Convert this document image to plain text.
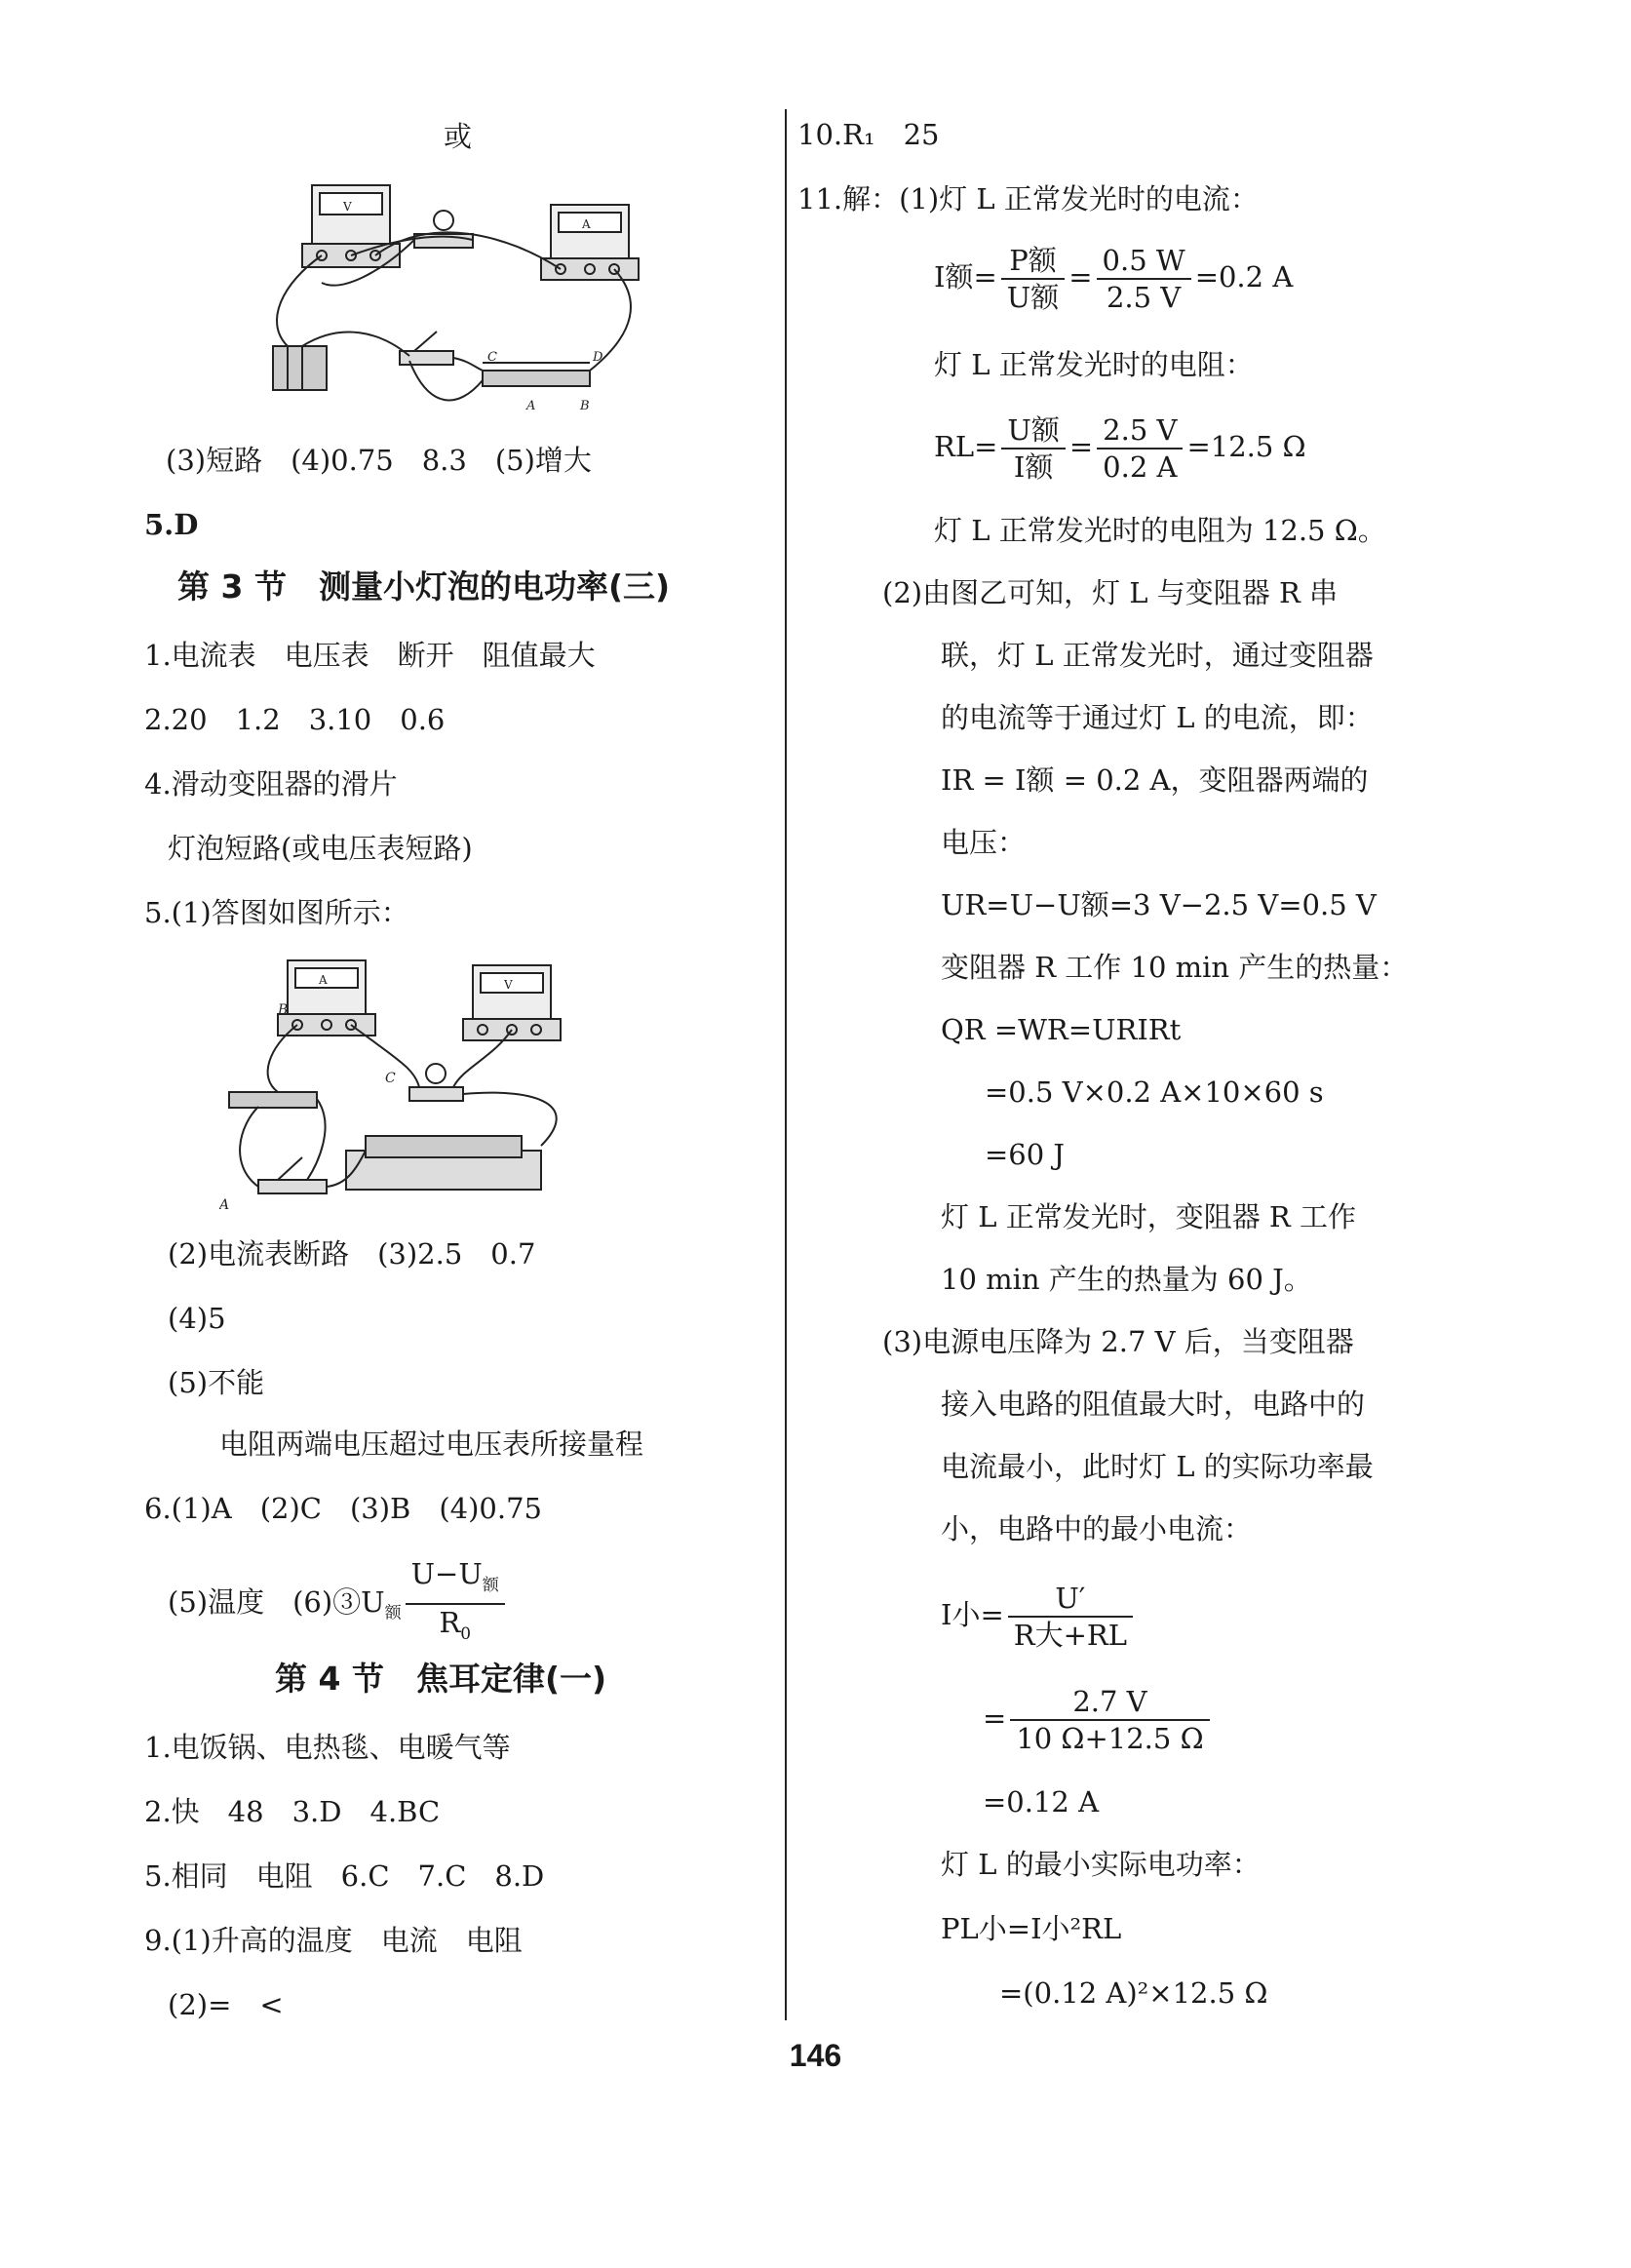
或
V
A
A	B
C	D
(3)短路　(4)0.75　8.3　(5)增大
5.D
第 3 节　测量小灯泡的电功率(三)
1.电流表　电压表　断开　阻值最大
2.20　1.2　3.10　0.6
4.滑动变阻器的滑片
灯泡短路(或电压表短路)
5.(1)答图如图所示：
A	V
A
B
C
(2)电流表断路　(3)2.5　0.7
(4)5
(5)不能
电阻两端电压超过电压表所接量程
6.(1)A　(2)C　(3)B　(4)0.75
(5)温度　$(6)③U_额 \frac{U-U_额}{R_0}$
第 4 节　焦耳定律(一)
1.电饭锅、电热毯、电暖气等
2.快　48　3.D　4.BC
5.相同　电阻　6.C　7.C　8.D
9.(1)升高的温度　电流　电阻
(2)=　<
10.R₁　25
11.解：(1)灯 L 正常发光时的电流：
I额= $\frac{\text{P额}}{\text{U额}} = \frac{0.5 W}{2.5 V} =0.2$ A
灯 L 正常发光时的电阻：
$RL= \frac{\text{U额}}{\text{I额}} = \frac{2.5 V}{0.2 A} =12.5$ Ω
灯 L 正常发光时的电阻为 12.5 Ω。
(2)由图乙可知，灯 L 与变阻器 R 串
联，灯 L 正常发光时，通过变阻器
的电流等于通过灯 L 的电流，即：
IR = I额 = 0.2 A，变阻器两端的
电压：
UR=U−U额=3 V−2.5 V=0.5 V
变阻器 R 工作 10 min 产生的热量：
QR =WR=URIRt
=0.5 V×0.2 A×10×60 s
=60 J
灯 L 正常发光时，变阻器 R 工作
10 min 产生的热量为 60 J。
(3)电源电压降为 2.7 V 后，当变阻器
接入电路的阻值最大时，电路中的
电流最小，此时灯 L 的实际功率最
小，电路中的最小电流：
I小= $\frac{U'}{\text{R大+RL}}$
= $\frac{2.7 V}{10 \Omega+12.5 \Omega}$
=0.12 A
灯 L 的最小实际电功率：
PL小=I小²RL
=(0.12 A)²×12.5 Ω
146
